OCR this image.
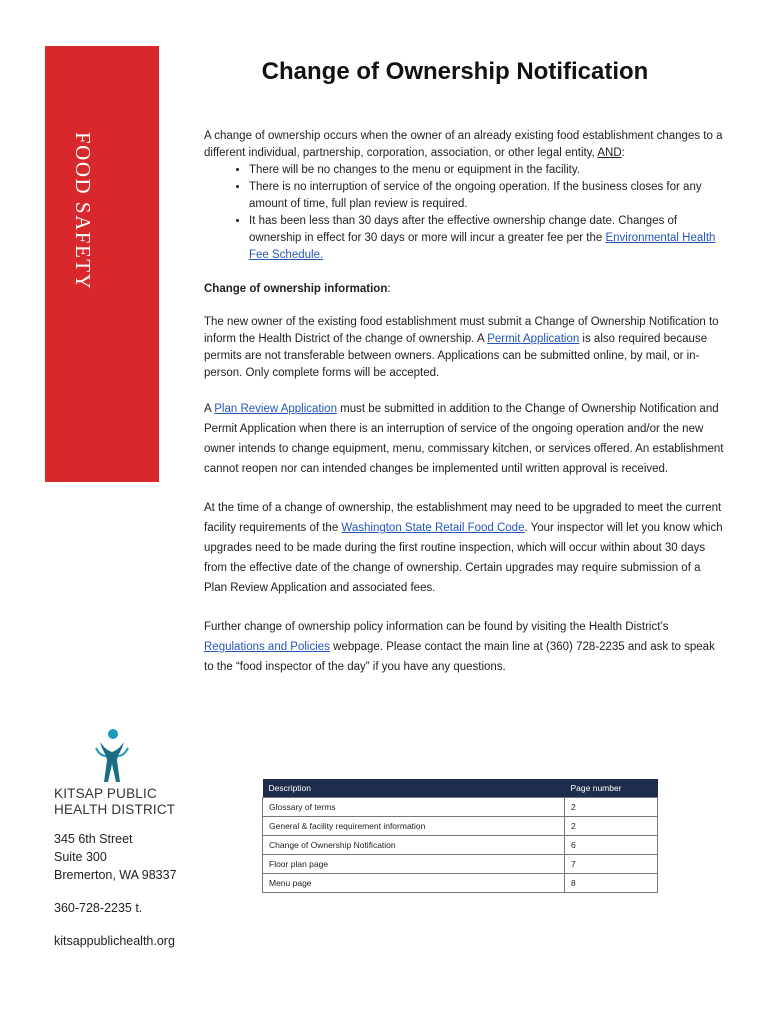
FOOD SAFETY
Change of Ownership Notification

A change of ownership occurs when the owner of an already existing food establishment changes to a different individual, partnership, corporation, association, or other legal entity, AND:

• There will be no changes to the menu or equipment in the facility.
• There is no interruption of service of the ongoing operation. If the business closes for any amount of time, full plan review is required.
• It has been less than 30 days after the effective ownership change date. Changes of ownership in effect for 30 days or more will incur a greater fee per the Environmental Health Fee Schedule.

Change of ownership information:

The new owner of the existing food establishment must submit a Change of Ownership Notification to inform the Health District of the change of ownership. A Permit Application is also required because permits are not transferable between owners. Applications can be submitted online, by mail, or in-person. Only complete forms will be accepted.

A Plan Review Application must be submitted in addition to the Change of Ownership Notification and Permit Application when there is an interruption of service of the ongoing operation and/or the new owner intends to change equipment, menu, commissary kitchen, or services offered. An establishment cannot reopen nor can intended changes be implemented until written approval is received.

At the time of a change of ownership, the establishment may need to be upgraded to meet the current facility requirements of the Washington State Retail Food Code. Your inspector will let you know which upgrades need to be made during the first routine inspection, which will occur within about 30 days from the effective date of the change of ownership. Certain upgrades may require submission of a Plan Review Application and associated fees.

Further change of ownership policy information can be found by visiting the Health District’s Regulations and Policies webpage. Please contact the main line at (360) 728-2235 and ask to speak to the “food inspector of the day” if you have any questions.

KITSAP PUBLIC
HEALTH DISTRICT
345 6th Street
Suite 300
Bremerton, WA 98337
360-728-2235 t.
kitsappublichealth.org
Description	Page number
Glossary of terms	2
General & facility requirement information	2
Change of Ownership Notification	6
Floor plan page	7
Menu page	8
